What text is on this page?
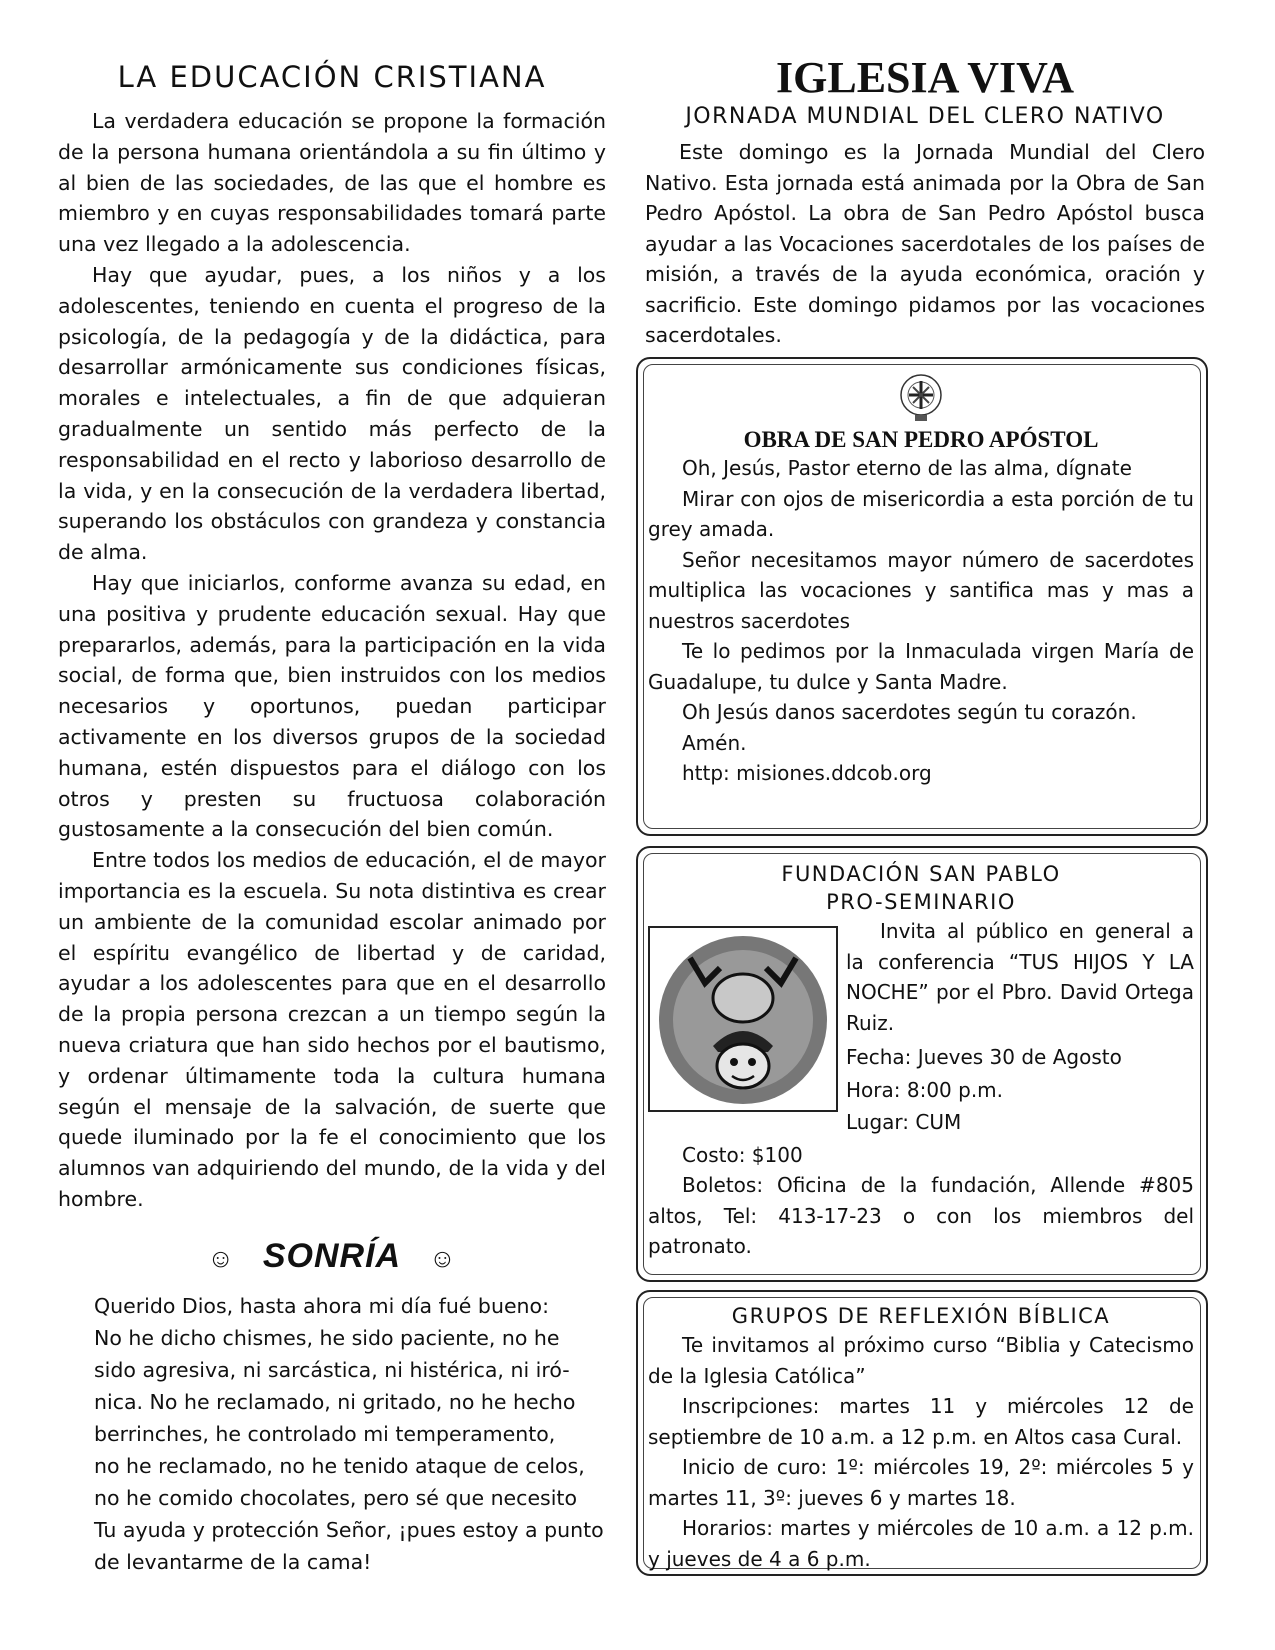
LA EDUCACIÓN CRISTIANA

La verdadera educación se propone la formación de la persona humana orientándola a su fin último y al bien de las sociedades, de las que el hombre es miembro y en cuyas responsabilidades tomará parte una vez llegado a la adolescencia.

Hay que ayudar, pues, a los niños y a los adolescentes, teniendo en cuenta el progreso de la psicología, de la pedagogía y de la didáctica, para desarrollar armónicamente sus condiciones físicas, morales e intelectuales, a fin de que adquieran gradualmente un sentido más perfecto de la responsabilidad en el recto y laborioso desarrollo de la vida, y en la consecución de la verdadera libertad, superando los obstáculos con grandeza y constancia de alma.

Hay que iniciarlos, conforme avanza su edad, en una positiva y prudente educación sexual. Hay que prepararlos, además, para la participación en la vida social, de forma que, bien instruidos con los medios necesarios y oportunos, puedan participar activamente en los diversos grupos de la sociedad humana, estén dispuestos para el diálogo con los otros y presten su fructuosa colaboración gustosamente a la consecución del bien común.

Entre todos los medios de educación, el de mayor importancia es la escuela. Su nota distintiva es crear un ambiente de la comunidad escolar animado por el espíritu evangélico de libertad y de caridad, ayudar a los adolescentes para que en el desarrollo de la propia persona crezcan a un tiempo según la nueva criatura que han sido hechos por el bautismo, y ordenar últimamente toda la cultura humana según el mensaje de la salvación, de suerte que quede iluminado por la fe el conocimiento que los alumnos van adquiriendo del mundo, de la vida y del hombre.

☺ SONRÍA ☺

Querido Dios, hasta ahora mi día fué bueno:

No he dicho chismes, he sido paciente, no he

sido agresiva, ni sarcástica, ni histérica, ni iró-

nica. No he reclamado, ni gritado, no he hecho

berrinches, he controlado mi temperamento,

no he reclamado, no he tenido ataque de celos,

no he comido chocolates, pero sé que necesito

Tu ayuda y protección Señor, ¡pues estoy a punto

de levantarme de la cama!

IGLESIA VIVA
JORNADA MUNDIAL DEL CLERO NATIVO

Este domingo es la Jornada Mundial del Clero Nativo. Esta jornada está animada por la Obra de San Pedro Apóstol. La obra de San Pedro Apóstol busca ayudar a las Vocaciones sacerdotales de los países de misión, a través de la ayuda económica, oración y sacrificio. Este domingo pidamos por las vocaciones sacerdotales.

OBRA DE SAN PEDRO APÓSTOL

Oh, Jesús, Pastor eterno de las alma, dígnate

Mirar con ojos de misericordia a esta porción de tu grey amada.

Señor necesitamos mayor número de sacerdotes multiplica las vocaciones y santifica mas y mas a nuestros sacerdotes

Te lo pedimos por la Inmaculada virgen María de Guadalupe, tu dulce y Santa Madre.

Oh Jesús danos sacerdotes según tu corazón.

Amén.

http: misiones.ddcob.org

FUNDACIÓN SAN PABLO
PRO-SEMINARIO

Invita al público en general a la conferencia “TUS HIJOS Y LA NOCHE” por el Pbro. David Ortega Ruiz.

Fecha: Jueves 30 de Agosto

Hora: 8:00 p.m.

Lugar: CUM

Costo: $100

Boletos: Oficina de la fundación, Allende #805 altos, Tel: 413-17-23 o con los miembros del patronato.

GRUPOS DE REFLEXIÓN BÍBLICA

Te invitamos al próximo curso “Biblia y Catecismo de la Iglesia Católica”

Inscripciones: martes 11 y miércoles 12 de septiembre de 10 a.m. a 12 p.m. en Altos casa Cural.

Inicio de curo: 1º: miércoles 19, 2º: miércoles 5 y martes 11, 3º: jueves 6 y martes 18.

Horarios: martes y miércoles de 10 a.m. a 12 p.m. y jueves de 4 a 6 p.m.
